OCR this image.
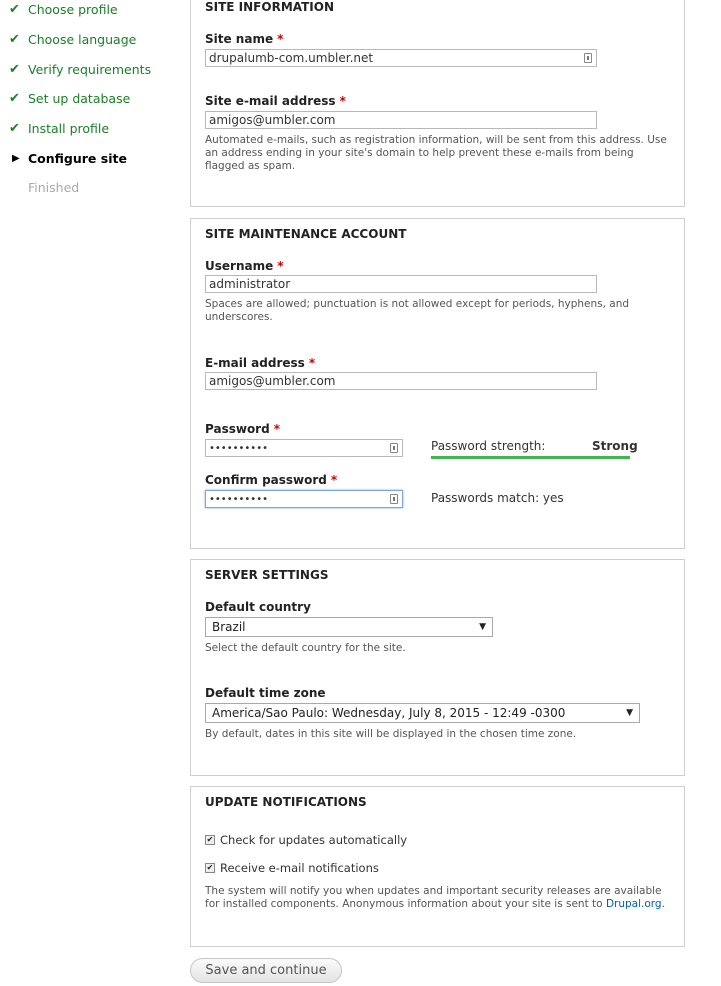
✔ Choose profile
✔ Choose language
✔ Verify requirements
✔ Set up database
✔ Install profile
▶ Configure site
Finished
SITE INFORMATION
Site name *
drupalumb-com.umbler.net
Site e-mail address *
amigos@umbler.com
Automated e-mails, such as registration information, will be sent from this address. Use an address ending in your site's domain to help prevent these e-mails from being flagged as spam.
SITE MAINTENANCE ACCOUNT
Username *
administrator
Spaces are allowed; punctuation is not allowed except for periods, hyphens, and underscores.
E-mail address *
amigos@umbler.com
Password *
••••••••••	Password strength:	Strong
Confirm password *
••••••••••	Passwords match: yes
SERVER SETTINGS
Default country
Brazil	▼
Select the default country for the site.
Default time zone
America/Sao Paulo: Wednesday, July 8, 2015 - 12:49 -0300	▼
By default, dates in this site will be displayed in the chosen time zone.
UPDATE NOTIFICATIONS
✔ Check for updates automatically
✔ Receive e-mail notifications
The system will notify you when updates and important security releases are available for installed components. Anonymous information about your site is sent to Drupal.org.
Save and continue
